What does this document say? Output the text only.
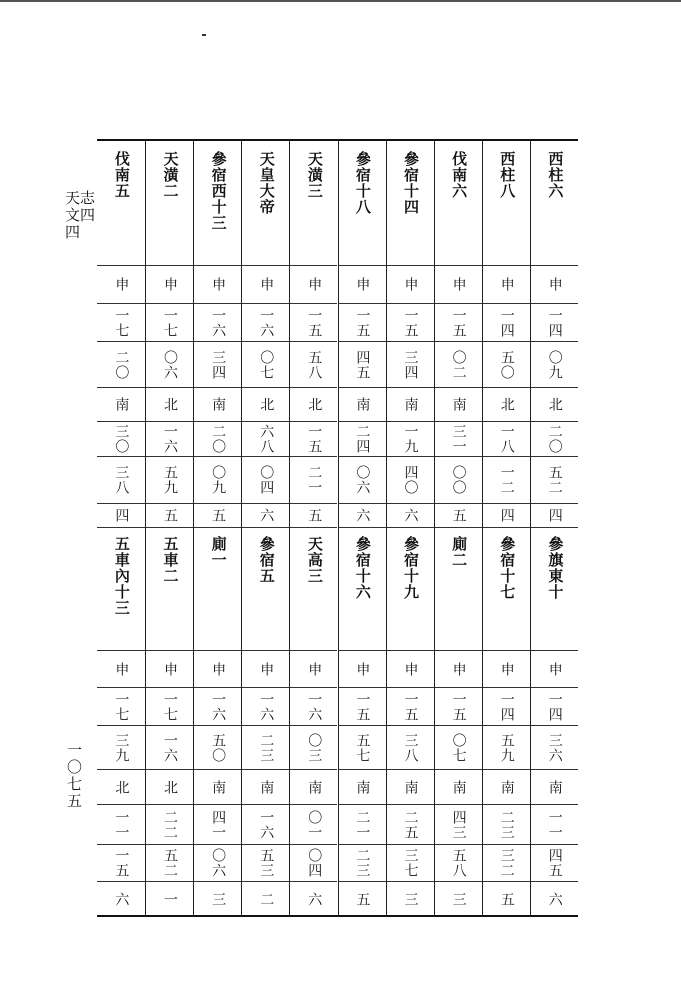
志四
天文四
一〇七五
西柱六
申
一四
〇九
北
二〇
五二
四
參旗東十
申
一四
三六
南
一一
四五
六
西柱八
申
一四
五〇
北
一八
一二
四
參宿十七
申
一四
五九
南
二三
三二
五
伐南六
申
一五
〇二
南
三一
〇〇
五
廁二
申
一五
〇七
南
四三
五八
三
參宿十四
申
一五
三四
南
一九
四〇
六
參宿十九
申
一五
三八
南
二五
三七
三
參宿十八
申
一五
四五
南
二四
〇六
六
參宿十六
申
一五
五七
南
二一
二三
五
天潢三
申
一五
五八
北
一五
二一
五
天高三
申
一六
〇三
南
〇一
〇四
六
天皇大帝
申
一六
〇七
北
六八
〇四
六
參宿五
申
一六
二三
南
一六
五三
二
參宿西十三
申
一六
三四
南
二〇
〇九
五
廁一
申
一六
五〇
南
四一
〇六
三
天潢二
申
一七
〇六
北
一六
五九
五
五車二
申
一七
一六
北
二二
五二
一
伐南五
申
一七
二〇
南
三〇
三八
四
五車內十三
申
一七
三九
北
一一
一五
六
